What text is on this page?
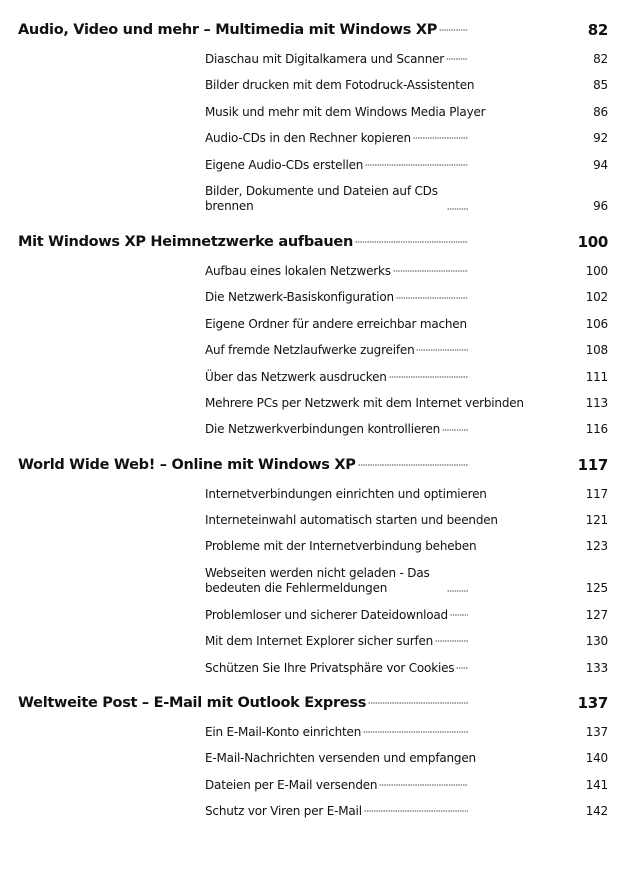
Audio, Video und mehr – Multimedia mit Windows XP	82
Diaschau mit Digitalkamera und Scanner	82
Bilder drucken mit dem Fotodruck-Assistenten	85
Musik und mehr mit dem Windows Media Player	86
Audio-CDs in den Rechner kopieren	92
Eigene Audio-CDs erstellen	94
Bilder, Dokumente und Dateien auf CDs brennen	96
Mit Windows XP Heimnetzwerke aufbauen	100
Aufbau eines lokalen Netzwerks	100
Die Netzwerk-Basiskonfiguration	102
Eigene Ordner für andere erreichbar machen	106
Auf fremde Netzlaufwerke zugreifen	108
Über das Netzwerk ausdrucken	111
Mehrere PCs per Netzwerk mit dem Internet verbinden	113
Die Netzwerkverbindungen kontrollieren	116
World Wide Web! – Online mit Windows XP	117
Internetverbindungen einrichten und optimieren	117
Interneteinwahl automatisch starten und beenden	121
Probleme mit der Internetverbindung beheben	123
Webseiten werden nicht geladen - Das bedeuten die Fehlermeldungen	125
Problemloser und sicherer Dateidownload	127
Mit dem Internet Explorer sicher surfen	130
Schützen Sie Ihre Privatsphäre vor Cookies	133
Weltweite Post – E-Mail mit Outlook Express	137
Ein E-Mail-Konto einrichten	137
E-Mail-Nachrichten versenden und empfangen	140
Dateien per E-Mail versenden	141
Schutz vor Viren per E-Mail	142
